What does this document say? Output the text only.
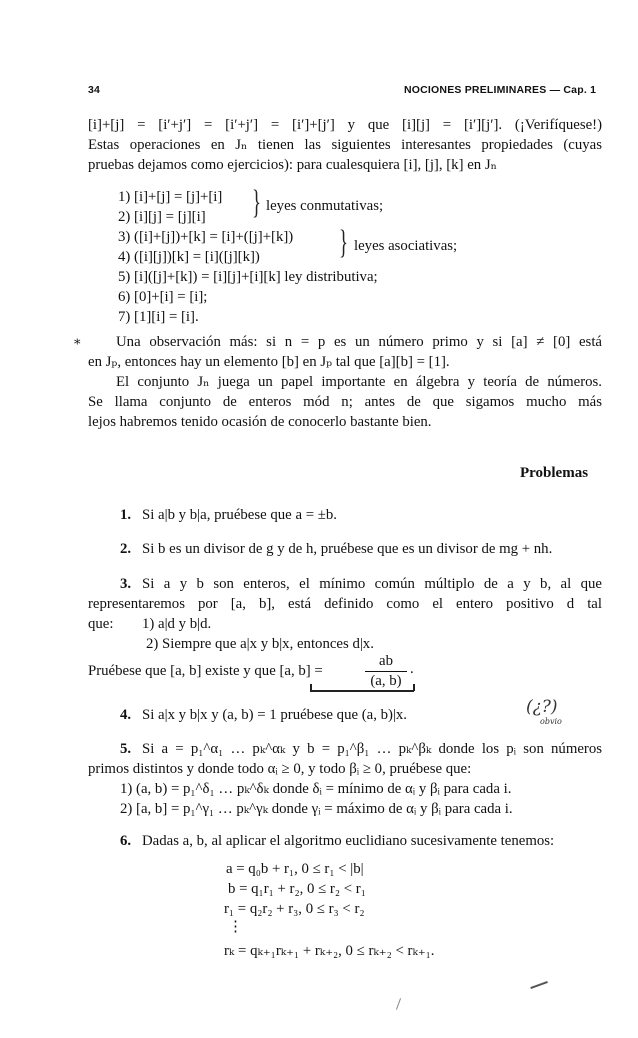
34	NOCIONES PRELIMINARES — Cap. 1
[i]+[j] = [i′+j′] = [i′+j′] = [i′]+[j′] y que [i][j] = [i′][j′]. (¡Verifíquese!)
Estas operaciones en Jₙ tienen las siguientes interesantes propiedades (cuyas
pruebas dejamos como ejercicios): para cualesquiera [i], [j], [k] en Jₙ
1) [i]+[j] = [j]+[i]
2) [i][j] = [j][i] } leyes conmutativas;
3) ([i]+[j])+[k] = [i]+([j]+[k])
4) ([i][j])[k] = [i]([j][k]) } leyes asociativas;
5) [i]([j]+[k]) = [i][j]+[i][k] ley distributiva;
6) [0]+[i] = [i];
7) [1][i] = [i].
⁎ Una observación más: si n = p es un número primo y si [a] ≠ [0] está
en Jₚ, entonces hay un elemento [b] en Jₚ tal que [a][b] = [1].
El conjunto Jₙ juega un papel importante en álgebra y teoría de números.
Se llama conjunto de enteros mód n; antes de que sigamos mucho más
lejos habremos tenido ocasión de conocerlo bastante bien.
Problemas
1. Si a|b y b|a, pruébese que a = ±b.
2. Si b es un divisor de g y de h, pruébese que es un divisor de mg + nh.
3. Si a y b son enteros, el mínimo común múltiplo de a y b, al que
representaremos por [a, b], está definido como el entero positivo d tal
que: 1) a|d y b|d.
2) Siempre que a|x y b|x, entonces d|x.
Pruébese que [a, b] existe y que [a, b] =
ab
(a, b)
.
4. Si a|x y b|x y (a, b) = 1 pruébese que (a, b)|x.	(¿?)
obvio
5. Si a = p₁^α₁ … pₖ^αₖ y b = p₁^β₁ … pₖ^βₖ donde los pᵢ son números
primos distintos y donde todo αᵢ ≥ 0, y todo βᵢ ≥ 0, pruébese que:
1) (a, b) = p₁^δ₁ … pₖ^δₖ donde δᵢ = mínimo de αᵢ y βᵢ para cada i.
2) [a, b] = p₁^γ₁ … pₖ^γₖ donde γᵢ = máximo de αᵢ y βᵢ para cada i.
6. Dadas a, b, al aplicar el algoritmo euclidiano sucesivamente tenemos:
a = q₀b + r₁, 0 ≤ r₁ < |b|
b = q₁r₁ + r₂, 0 ≤ r₂ < r₁
r₁ = q₂r₂ + r₃, 0 ≤ r₃ < r₂
⋮
rₖ = qₖ₊₁rₖ₊₁ + rₖ₊₂, 0 ≤ rₖ₊₂ < rₖ₊₁.
